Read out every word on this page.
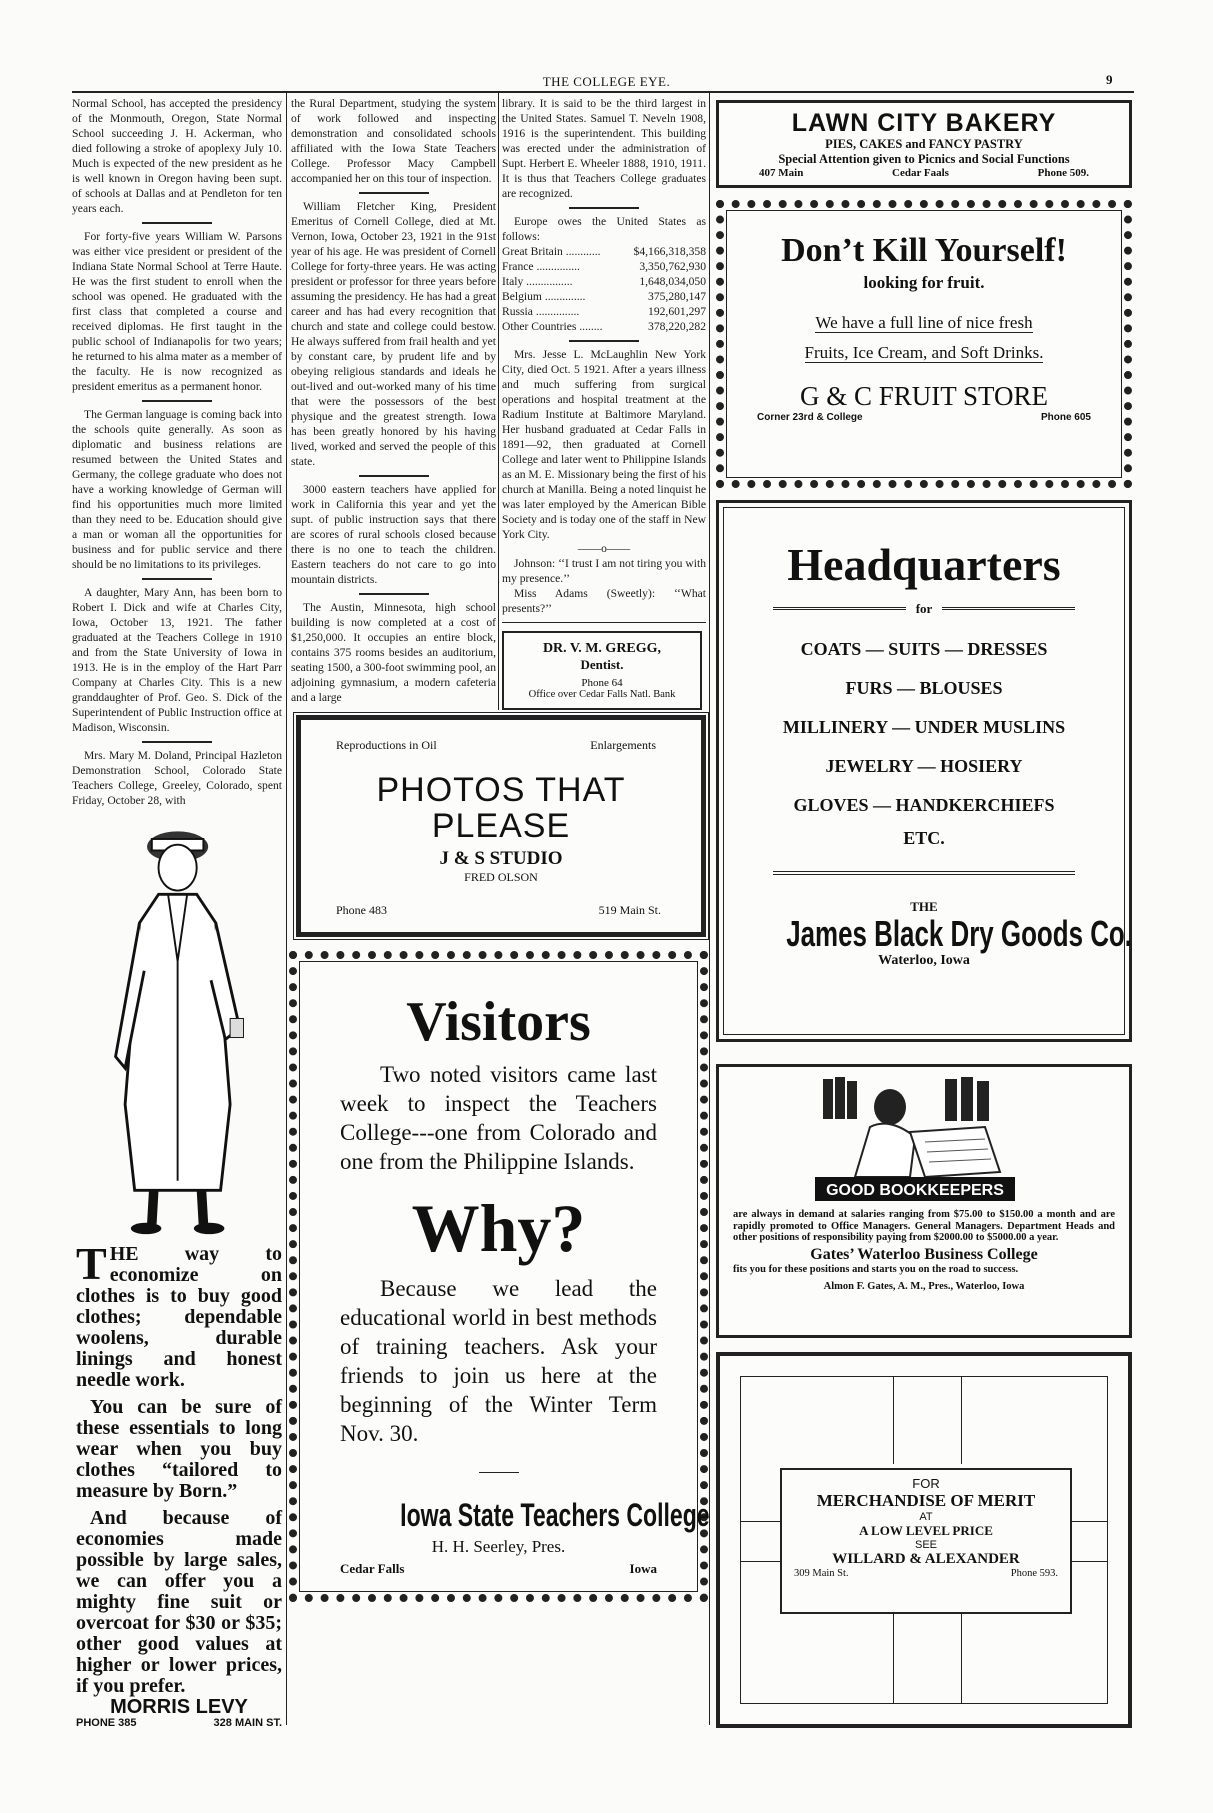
THE COLLEGE EYE.	9

Normal School, has accepted the presidency of the Monmouth, Oregon, State Normal School succeeding J. H. Ackerman, who died following a stroke of apoplexy July 10. Much is expected of the new president as he is well known in Oregon having been supt. of schools at Dallas and at Pendleton for ten years each.

For forty-five years William W. Parsons was either vice president or president of the Indiana State Normal School at Terre Haute. He was the first student to enroll when the school was opened. He graduated with the first class that completed a course and received diplomas. He first taught in the public school of Indianapolis for two years; he returned to his alma mater as a member of the faculty. He is now recognized as president emeritus as a permanent honor.

The German language is coming back into the schools quite generally. As soon as diplomatic and business relations are resumed between the United States and Germany, the college graduate who does not have a working knowledge of German will find his opportunities much more limited than they need to be. Education should give a man or woman all the opportunities for business and for public service and there should be no limitations to its privileges.

A daughter, Mary Ann, has been born to Robert I. Dick and wife at Charles City, Iowa, October 13, 1921. The father graduated at the Teachers College in 1910 and from the State University of Iowa in 1913. He is in the employ of the Hart Parr Company at Charles City. This is a new granddaughter of Prof. Geo. S. Dick of the Superintendent of Public Instruction office at Madison, Wisconsin.

Mrs. Mary M. Doland, Principal Hazleton Demonstration School, Colorado State Teachers College, Greeley, Colorado, spent Friday, October 28, with

THE way to economize on clothes is to buy good clothes; dependable woolens, durable linings and honest needle work.

You can be sure of these essentials to long wear when you buy clothes “tailored to measure by Born.”

And because of economies made possible by large sales, we can offer you a mighty fine suit or overcoat for $30 or $35; other good values at higher or lower prices, if you prefer.

MORRIS LEVY
PHONE 385	328 MAIN ST.

the Rural Department, studying the system of work followed and inspecting demonstration and consolidated schools affiliated with the Iowa State Teachers College. Professor Macy Campbell accompanied her on this tour of inspection.

William Fletcher King, President Emeritus of Cornell College, died at Mt. Vernon, Iowa, October 23, 1921 in the 91st year of his age. He was president of Cornell College for forty-three years. He was acting president or professor for three years before assuming the presidency. He has had a great career and has had every recognition that church and state and college could bestow. He always suffered from frail health and yet by constant care, by prudent life and by obeying religious standards and ideals he out-lived and out-worked many of his time that were the possessors of the best physique and the greatest strength. Iowa has been greatly honored by his having lived, worked and served the people of this state.

3000 eastern teachers have applied for work in California this year and yet the supt. of public instruction says that there are scores of rural schools closed because there is no one to teach the children. Eastern teachers do not care to go into mountain districts.

The Austin, Minnesota, high school building is now completed at a cost of $1,250,000. It occupies an entire block, contains 375 rooms besides an auditorium, seating 1500, a 300-foot swimming pool, an adjoining gymnasium, a modern cafeteria and a large

Reproductions in Oil	Enlargements
PHOTOS THAT
PLEASE
J & S STUDIO
FRED OLSON
Phone 483	519 Main St.
Visitors

Two noted visitors came last week to inspect the Teachers College---one from Colorado and one from the Philippine Islands.

Why?

Because we lead the educational world in best methods of training teachers. Ask your friends to join us here at the beginning of the Winter Term Nov. 30.

Iowa State Teachers College
H. H. Seerley, Pres.
Cedar Falls	Iowa

library. It is said to be the third largest in the United States. Samuel T. Neveln 1908, 1916 is the superintendent. This building was erected under the administration of Supt. Herbert E. Wheeler 1888, 1910, 1911. It is thus that Teachers College graduates are recognized.

Europe owes the United States as follows:

Great Britain ............	$4,166,318,358
France ...............	3,350,762,930
Italy ................	1,648,034,050
Belgium ..............	375,280,147
Russia ...............	192,601,297
Other Countries ........	378,220,282

Mrs. Jesse L. McLaughlin New York City, died Oct. 5 1921. After a years illness and much suffering from surgical operations and hospital treatment at the Radium Institute at Baltimore Maryland. Her husband graduated at Cedar Falls in 1891—92, then graduated at Cornell College and later went to Philippine Islands as an M. E. Missionary being the first of his church at Manilla. Being a noted linquist he was later employed by the American Bible Society and is today one of the staff in New York City.

——o——

Johnson: ‘‘I trust I am not tiring you with my presence.’’

Miss Adams (Sweetly): ‘‘What presents?’’

DR. V. M. GREGG,
Dentist.
Phone 64
Office over Cedar Falls Natl. Bank
LAWN CITY BAKERY
PIES, CAKES and FANCY PASTRY
Special Attention given to Picnics and Social Functions
407 Main	Cedar Faals	Phone 509.
Don’t Kill Yourself!
looking for fruit.
We have a full line of nice fresh
Fruits, Ice Cream, and Soft Drinks.
G & C FRUIT STORE
Corner 23rd & College	Phone 605
Headquarters
for
COATS — SUITS — DRESSES
FURS — BLOUSES
MILLINERY — UNDER MUSLINS
JEWELRY — HOSIERY
GLOVES — HANDKERCHIEFS
ETC.
THE
James Black Dry Goods Co.
Waterloo, Iowa
GOOD BOOKKEEPERS

are always in demand at salaries ranging from $75.00 to $150.00 a month and are rapidly promoted to Office Managers. General Managers. Department Heads and other positions of responsibility paying from $2000.00 to $5000.00 a year.

Gates’ Waterloo Business College
fits you for these positions and starts you on the road to success.
Almon F. Gates, A. M., Pres., Waterloo, Iowa
FOR
MERCHANDISE OF MERIT
AT
A LOW LEVEL PRICE
SEE
WILLARD & ALEXANDER
309 Main St.	Phone 593.
